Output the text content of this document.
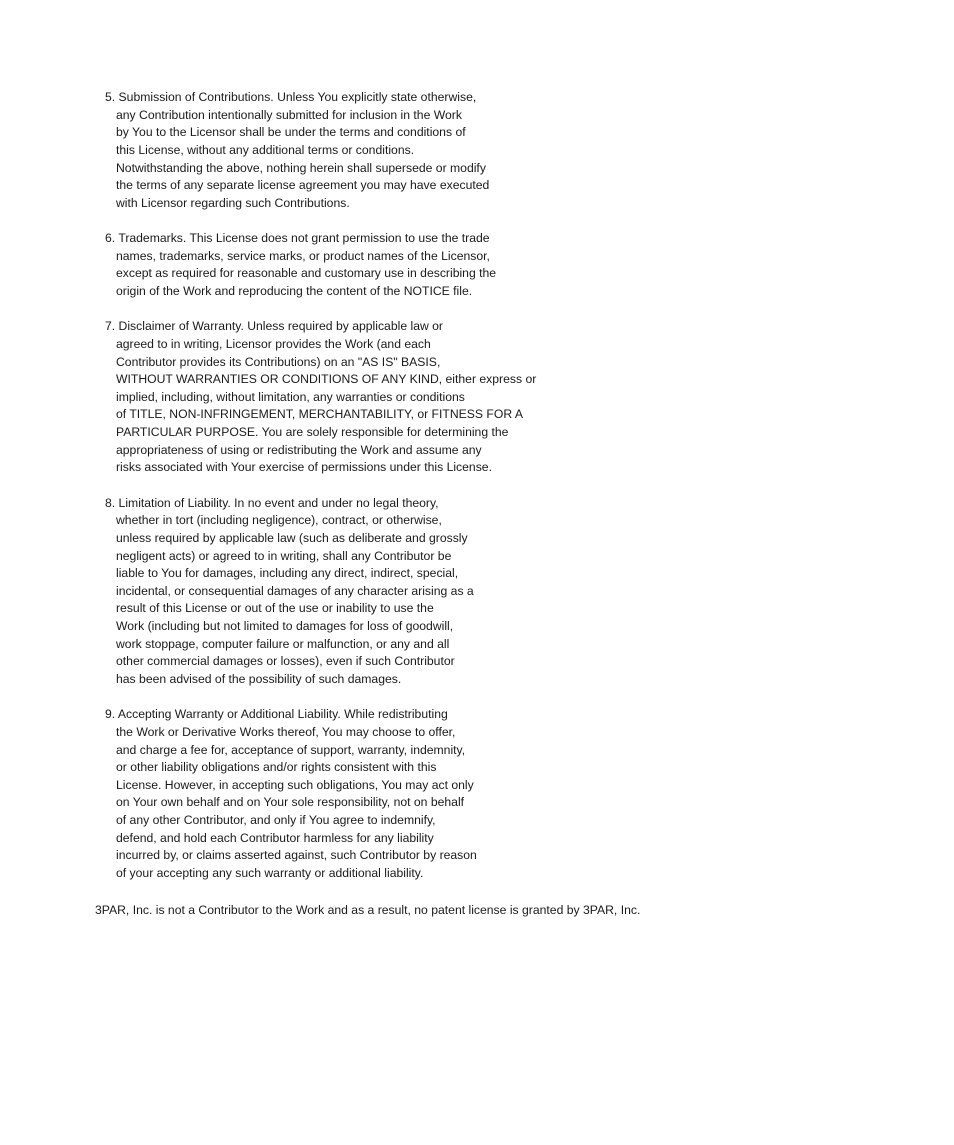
5. Submission of Contributions. Unless You explicitly state otherwise,
any Contribution intentionally submitted for inclusion in the Work
by You to the Licensor shall be under the terms and conditions of
this License, without any additional terms or conditions.
Notwithstanding the above, nothing herein shall supersede or modify
the terms of any separate license agreement you may have executed
with Licensor regarding such Contributions.
6. Trademarks. This License does not grant permission to use the trade
names, trademarks, service marks, or product names of the Licensor,
except as required for reasonable and customary use in describing the
origin of the Work and reproducing the content of the NOTICE file.
7. Disclaimer of Warranty. Unless required by applicable law or
agreed to in writing, Licensor provides the Work (and each
Contributor provides its Contributions) on an "AS IS" BASIS,
WITHOUT WARRANTIES OR CONDITIONS OF ANY KIND, either express or
implied, including, without limitation, any warranties or conditions
of TITLE, NON-INFRINGEMENT, MERCHANTABILITY, or FITNESS FOR A
PARTICULAR PURPOSE. You are solely responsible for determining the
appropriateness of using or redistributing the Work and assume any
risks associated with Your exercise of permissions under this License.
8. Limitation of Liability. In no event and under no legal theory,
whether in tort (including negligence), contract, or otherwise,
unless required by applicable law (such as deliberate and grossly
negligent acts) or agreed to in writing, shall any Contributor be
liable to You for damages, including any direct, indirect, special,
incidental, or consequential damages of any character arising as a
result of this License or out of the use or inability to use the
Work (including but not limited to damages for loss of goodwill,
work stoppage, computer failure or malfunction, or any and all
other commercial damages or losses), even if such Contributor
has been advised of the possibility of such damages.
9. Accepting Warranty or Additional Liability. While redistributing
the Work or Derivative Works thereof, You may choose to offer,
and charge a fee for, acceptance of support, warranty, indemnity,
or other liability obligations and/or rights consistent with this
License. However, in accepting such obligations, You may act only
on Your own behalf and on Your sole responsibility, not on behalf
of any other Contributor, and only if You agree to indemnify,
defend, and hold each Contributor harmless for any liability
incurred by, or claims asserted against, such Contributor by reason
of your accepting any such warranty or additional liability.
3PAR, Inc. is not a Contributor to the Work and as a result, no patent license is granted by 3PAR, Inc.
